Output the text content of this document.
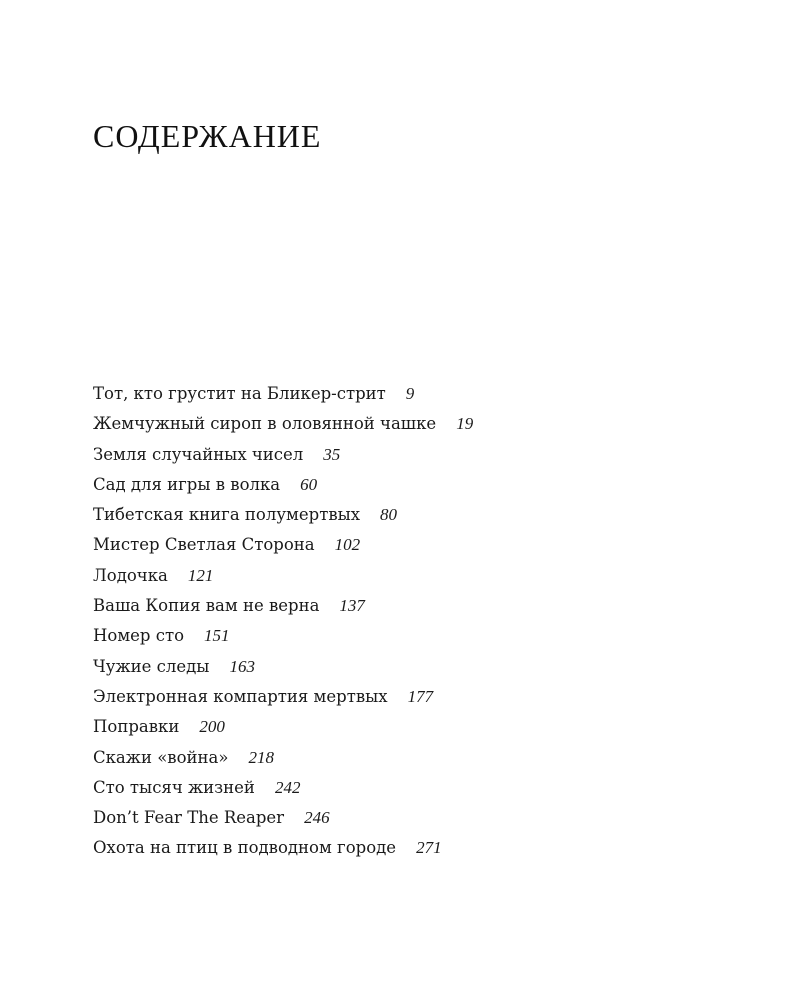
СОДЕРЖАНИЕ
Тот, кто грустит на Бликер-стрит 9
Жемчужный сироп в оловянной чашке 19
Земля случайных чисел 35
Сад для игры в волка 60
Тибетская книга полумертвых 80
Мистер Светлая Сторона 102
Лодочка 121
Ваша Копия вам не верна 137
Номер сто 151
Чужие следы 163
Электронная компартия мертвых 177
Поправки 200
Скажи «война» 218
Сто тысяч жизней 242
Don’t Fear The Reaper 246
Охота на птиц в подводном городе 271
